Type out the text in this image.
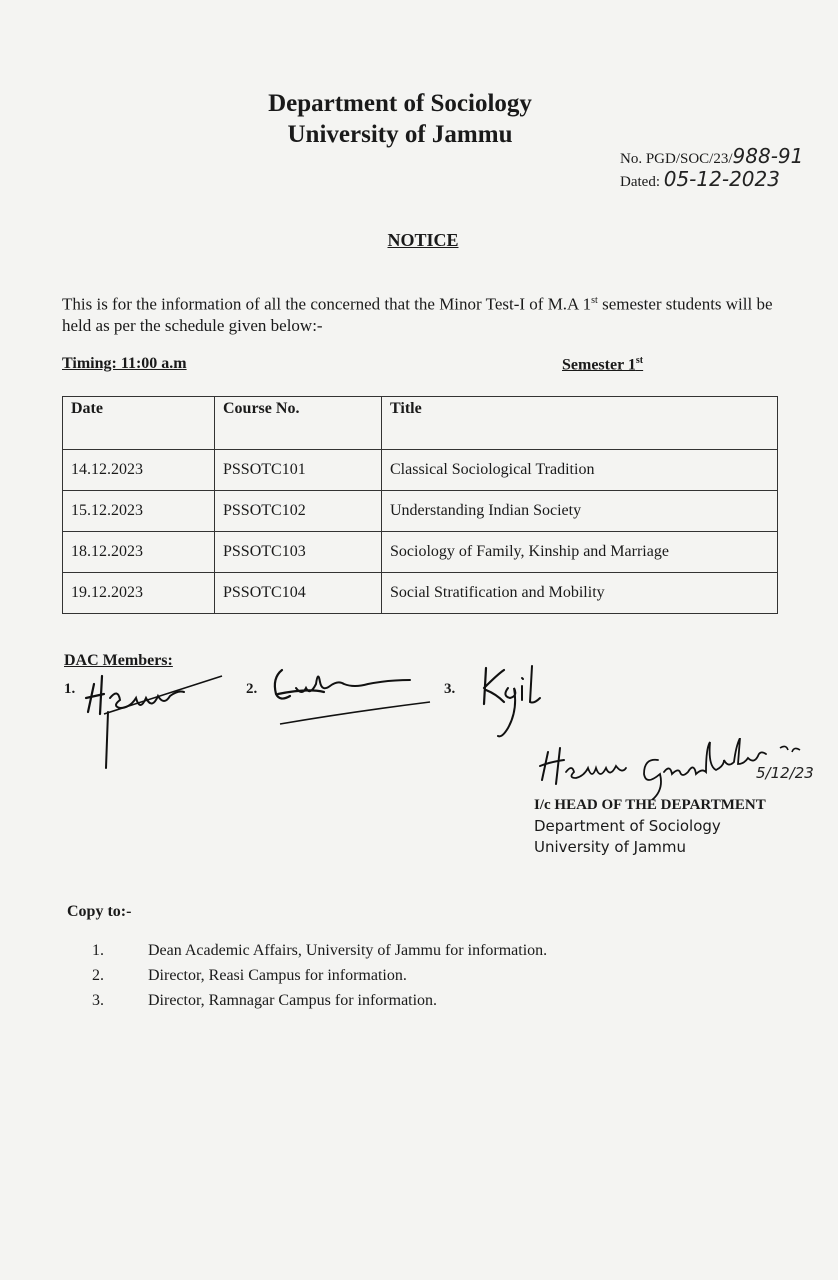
Department of Sociology
University of Jammu
No. PGD/SOC/23/988-91
Dated: 05-12-2023
NOTICE
This is for the information of all the concerned that the Minor Test-I of M.A 1st semester students will be held as per the schedule given below:-
Timing: 11:00 a.m	Semester 1st
Date	Course No.	Title
14.12.2023	PSSOTC101	Classical Sociological Tradition
15.12.2023	PSSOTC102	Understanding Indian Society
18.12.2023	PSSOTC103	Sociology of Family, Kinship and Marriage
19.12.2023	PSSOTC104	Social Stratification and Mobility
DAC Members:
1.	2.	3.
5/12/23
I/c HEAD OF THE DEPARTMENT
Department of Sociology
University of Jammu
Copy to:-
1.	Dean Academic Affairs, University of Jammu for information.
2.	Director, Reasi Campus for information.
3.	Director, Ramnagar Campus for information.
